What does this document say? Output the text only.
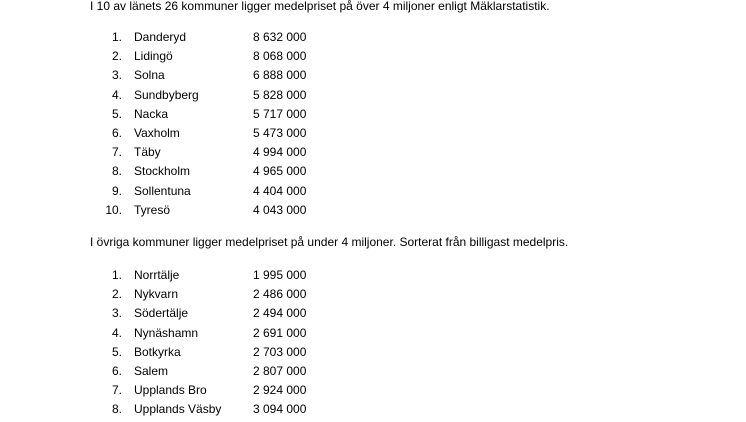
I 10 av länets 26 kommuner ligger medelpriset på över 4 miljoner enligt Mäklarstatistik.
1. Danderyd	8 632 000
2. Lidingö	8 068 000
3. Solna	6 888 000
4. Sundbyberg	5 828 000
5. Nacka	5 717 000
6. Vaxholm	5 473 000
7. Täby	4 994 000
8. Stockholm	4 965 000
9. Sollentuna	4 404 000
10. Tyresö	4 043 000
I övriga kommuner ligger medelpriset på under 4 miljoner. Sorterat från billigast medelpris.
1. Norrtälje	1 995 000
2. Nykvarn	2 486 000
3. Södertälje	2 494 000
4. Nynäshamn	2 691 000
5. Botkyrka	2 703 000
6. Salem	2 807 000
7. Upplands Bro	2 924 000
8. Upplands Väsby	3 094 000
